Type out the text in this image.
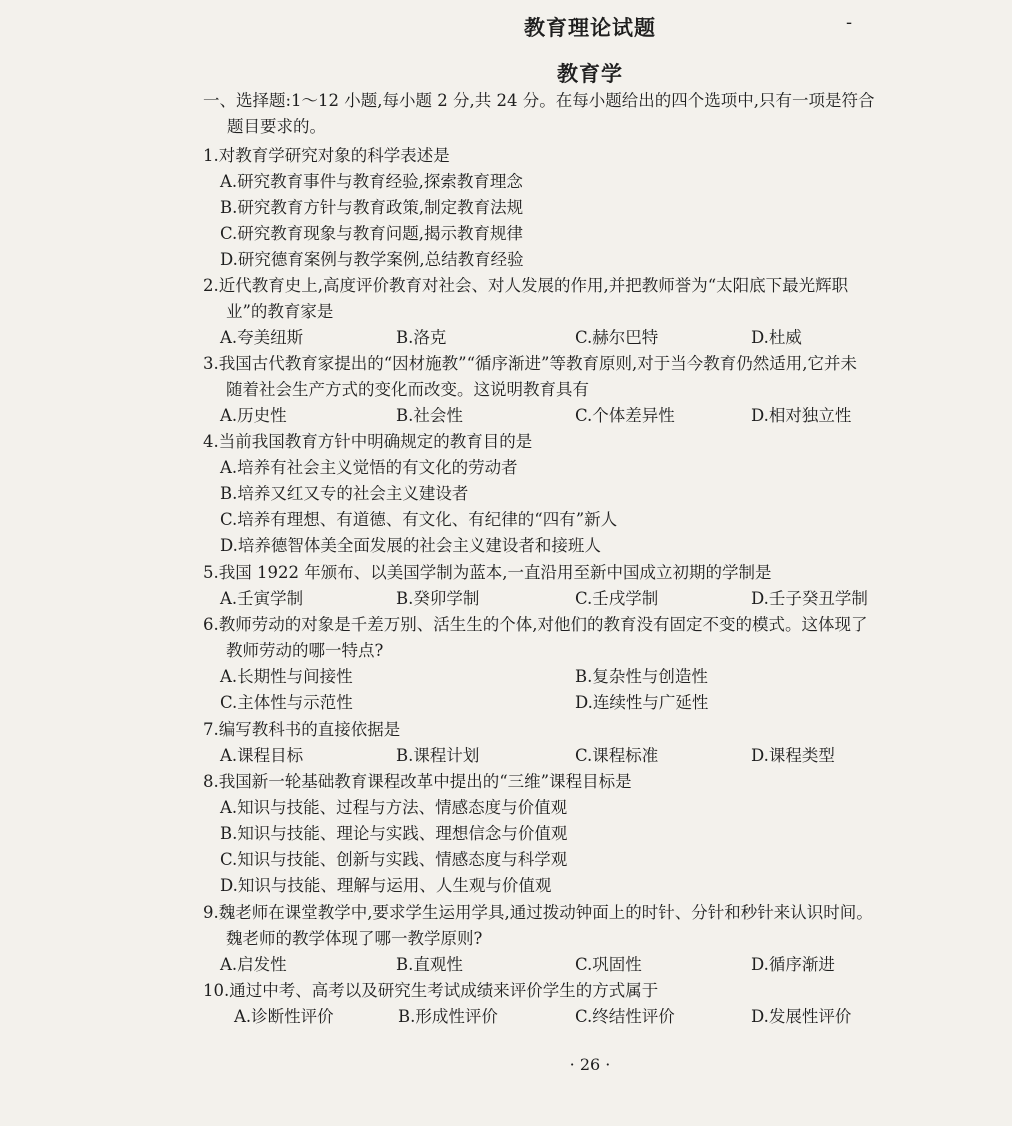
教育理论试题	-
教育学
一、选择题:1～12 小题,每小题 2 分,共 24 分。在每小题给出的四个选项中,只有一项是符合
题目要求的。
1.对教育学研究对象的科学表述是
A.研究教育事件与教育经验,探索教育理念
B.研究教育方针与教育政策,制定教育法规
C.研究教育现象与教育问题,揭示教育规律
D.研究德育案例与教学案例,总结教育经验
2.近代教育史上,高度评价教育对社会、对人发展的作用,并把教师誉为“太阳底下最光辉职
业”的教育家是
A.夸美纽斯	B.洛克	C.赫尔巴特	D.杜威
3.我国古代教育家提出的“因材施教”“循序渐进”等教育原则,对于当今教育仍然适用,它并未
随着社会生产方式的变化而改变。这说明教育具有
A.历史性	B.社会性	C.个体差异性	D.相对独立性
4.当前我国教育方针中明确规定的教育目的是
A.培养有社会主义觉悟的有文化的劳动者
B.培养又红又专的社会主义建设者
C.培养有理想、有道德、有文化、有纪律的“四有”新人
D.培养德智体美全面发展的社会主义建设者和接班人
5.我国 1922 年颁布、以美国学制为蓝本,一直沿用至新中国成立初期的学制是
A.壬寅学制	B.癸卯学制	C.壬戌学制	D.壬子癸丑学制
6.教师劳动的对象是千差万别、活生生的个体,对他们的教育没有固定不变的模式。这体现了
教师劳动的哪一特点?
A.长期性与间接性	B.复杂性与创造性
C.主体性与示范性	D.连续性与广延性
7.编写教科书的直接依据是
A.课程目标	B.课程计划	C.课程标准	D.课程类型
8.我国新一轮基础教育课程改革中提出的“三维”课程目标是
A.知识与技能、过程与方法、情感态度与价值观
B.知识与技能、理论与实践、理想信念与价值观
C.知识与技能、创新与实践、情感态度与科学观
D.知识与技能、理解与运用、人生观与价值观
9.魏老师在课堂教学中,要求学生运用学具,通过拨动钟面上的时针、分针和秒针来认识时间。
魏老师的教学体现了哪一教学原则?
A.启发性	B.直观性	C.巩固性	D.循序渐进
10.通过中考、高考以及研究生考试成绩来评价学生的方式属于
A.诊断性评价	B.形成性评价	C.终结性评价	D.发展性评价
· 26 ·
